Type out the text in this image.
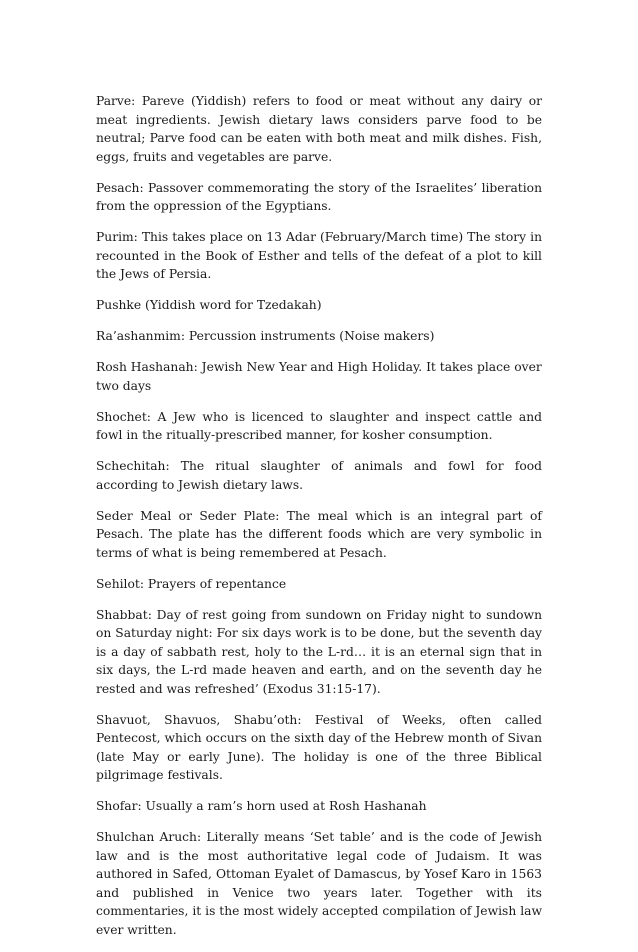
Parve: Pareve (Yiddish) refers to food or meat without any dairy or meat ingredients. Jewish dietary laws considers parve food to be neutral; Parve food can be eaten with both meat and milk dishes. Fish, eggs, fruits and vegetables are parve.

Pesach: Passover commemorating the story of the Israelites’ liberation from the oppression of the Egyptians.

Purim: This takes place on 13 Adar (February/March time) The story in recounted in the Book of Esther and tells of the defeat of a plot to kill the Jews of Persia.

Pushke (Yiddish word for Tzedakah)

Ra’ashanmim: Percussion instruments (Noise makers)

Rosh Hashanah: Jewish New Year and High Holiday. It takes place over two days

Shochet: A Jew who is licenced to slaughter and inspect cattle and fowl in the ritually-prescribed manner, for kosher consumption.

Schechitah: The ritual slaughter of animals and fowl for food according to Jewish dietary laws.

Seder Meal or Seder Plate: The meal which is an integral part of Pesach. The plate has the different foods which are very symbolic in terms of what is being remembered at Pesach.

Sehilot: Prayers of repentance

Shabbat: Day of rest going from sundown on Friday night to sundown on Saturday night: For six days work is to be done, but the seventh day is a day of sabbath rest, holy to the L-rd… it is an eternal sign that in six days, the L-rd made heaven and earth, and on the seventh day he rested and was refreshed’ (Exodus 31:15-17).

Shavuot, Shavuos, Shabu’oth: Festival of Weeks, often called Pentecost, which occurs on the sixth day of the Hebrew month of Sivan (late May or early June). The holiday is one of the three Biblical pilgrimage festivals.

Shofar: Usually a ram’s horn used at Rosh Hashanah

Shulchan Aruch: Literally means ‘Set table’ and is the code of Jewish law and is the most authoritative legal code of Judaism. It was authored in Safed, Ottoman Eyalet of Damascus, by Yosef Karo in 1563 and published in Venice two years later. Together with its commentaries, it is the most widely accepted compilation of Jewish law ever written.
